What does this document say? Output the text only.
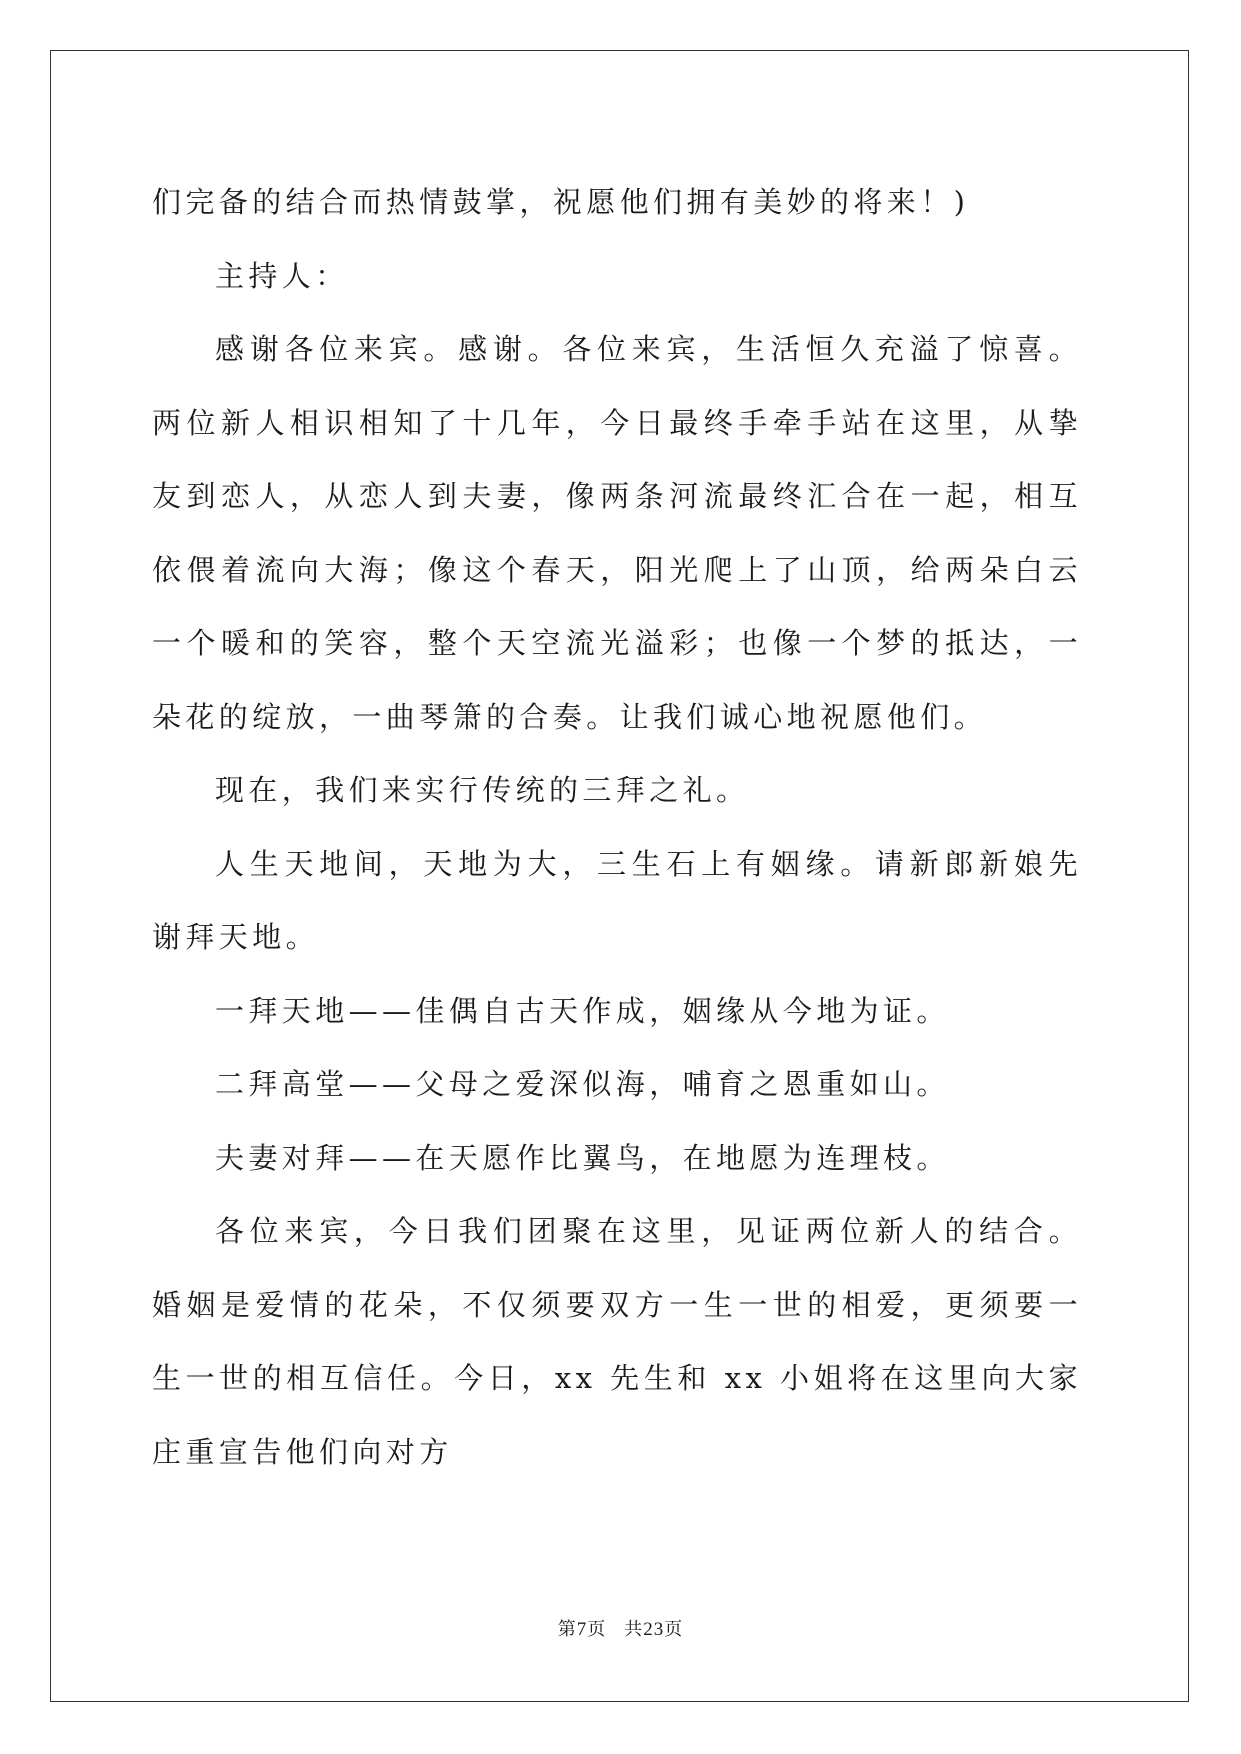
们完备的结合而热情鼓掌，祝愿他们拥有美妙的将来！)

主持人：

感谢各位来宾。感谢。各位来宾，生活恒久充溢了惊喜。两位新人相识相知了十几年，今日最终手牵手站在这里，从挚友到恋人，从恋人到夫妻，像两条河流最终汇合在一起，相互依偎着流向大海；像这个春天，阳光爬上了山顶，给两朵白云一个暖和的笑容，整个天空流光溢彩；也像一个梦的抵达，一朵花的绽放，一曲琴箫的合奏。让我们诚心地祝愿他们。

现在，我们来实行传统的三拜之礼。

人生天地间，天地为大，三生石上有姻缘。请新郎新娘先谢拜天地。

一拜天地——佳偶自古天作成，姻缘从今地为证。

二拜高堂——父母之爱深似海，哺育之恩重如山。

夫妻对拜——在天愿作比翼鸟，在地愿为连理枝。

各位来宾，今日我们团聚在这里，见证两位新人的结合。婚姻是爱情的花朵，不仅须要双方一生一世的相爱，更须要一生一世的相互信任。今日，xx 先生和 xx 小姐将在这里向大家庄重宣告他们向对方

第7页 共23页
